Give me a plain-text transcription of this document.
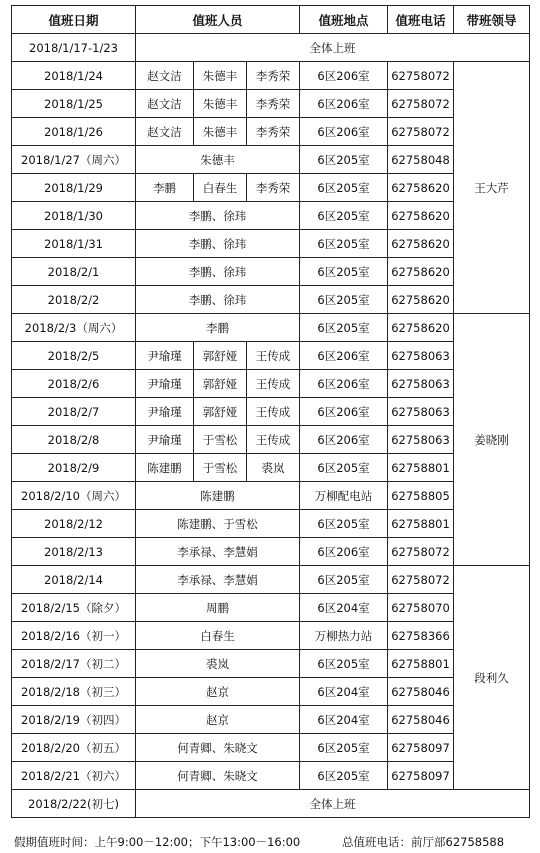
值班日期	值班人员			值班地点	值班电话	带班领导
2018/1/17-1/23	全体上班					
2018/1/24	赵文洁	朱德丰	李秀荣	6区206室	62758072	王大芹
2018/1/25	赵文洁	朱德丰	李秀荣	6区206室	62758072	
2018/1/26	赵文洁	朱德丰	李秀荣	6区206室	62758072	
2018/1/27（周六）	朱德丰			6区205室	62758048	
2018/1/29	李鹏	白春生	李秀荣	6区205室	62758620	
2018/1/30	李鹏、徐玮			6区205室	62758620	
2018/1/31	李鹏、徐玮			6区205室	62758620	
2018/2/1	李鹏、徐玮			6区205室	62758620	
2018/2/2	李鹏、徐玮			6区205室	62758620	
2018/2/3（周六）	李鹏			6区205室	62758620	姜晓刚
2018/2/5	尹瑜瑾	郭舒娅	王传成	6区206室	62758063	
2018/2/6	尹瑜瑾	郭舒娅	王传成	6区206室	62758063	
2018/2/7	尹瑜瑾	郭舒娅	王传成	6区206室	62758063	
2018/2/8	尹瑜瑾	于雪松	王传成	6区206室	62758063	
2018/2/9	陈建鹏	于雪松	裘岚	6区205室	62758801	
2018/2/10（周六）	陈建鹏			万柳配电站	62758805	
2018/2/12	陈建鹏、于雪松			6区205室	62758801	
2018/2/13	李承禄、李慧娟			6区206室	62758072	
2018/2/14	李承禄、李慧娟			6区205室	62758072	段利久
2018/2/15（除夕）	周鹏			6区204室	62758070	
2018/2/16（初一）	白春生			万柳热力站	62758366	
2018/2/17（初二）	裘岚			6区205室	62758801	
2018/2/18（初三）	赵京			6区204室	62758046	
2018/2/19（初四）	赵京			6区204室	62758046	
2018/2/20（初五）	何青卿、朱晓文			6区205室	62758097	
2018/2/21（初六）	何青卿、朱晓文			6区205室	62758097	
2018/2/22(初七)	全体上班					
假期值班时间：上午9:00－12:00；下午13:00－16:00	总值班电话：前厅部62758588
